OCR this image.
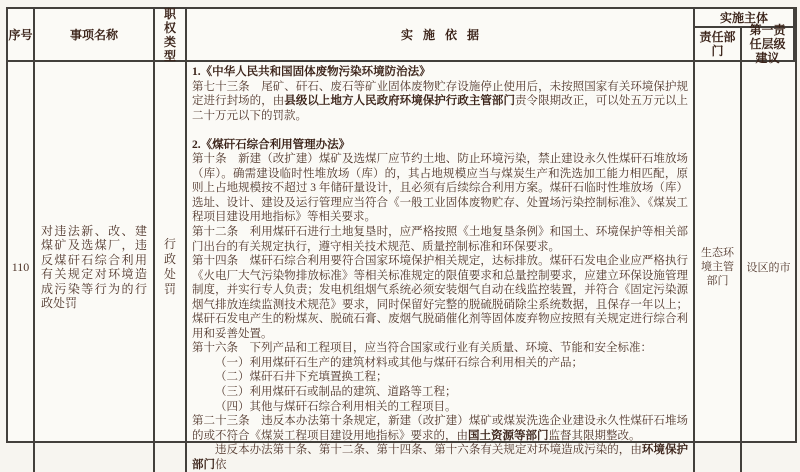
序号	事项名称
职权类型
实施依据
实施主体
责任部门
第一责任层级建议
110
对违法新、改、建煤矿及选煤厂，违反煤矸石综合利用有关规定对环境造成污染等行为的行政处罚
行政处罚
1.《中华人民共和国固体废物污染环境防治法》
第七十三条　尾矿、矸石、废石等矿业固体废物贮存设施停止使用后，未按照国家有关环境保护规定进行封场的，由县级以上地方人民政府环境保护行政主管部门责令限期改正，可以处五万元以上二十万元以下的罚款。
2.《煤矸石综合利用管理办法》
第十条　新建（改扩建）煤矿及选煤厂应节约土地、防止环境污染，禁止建设永久性煤矸石堆放场（库）。确需建设临时性堆放场（库）的，其占地规模应当与煤炭生产和洗选加工能力相匹配，原则上占地规模按不超过 3 年储矸量设计，且必须有后续综合利用方案。煤矸石临时性堆放场（库）选址、设计、建设及运行管理应当符合《一般工业固体废物贮存、处置场污染控制标准》、《煤炭工程项目建设用地指标》等相关要求。
第十二条　利用煤矸石进行土地复垦时，应严格按照《土地复垦条例》和国土、环境保护等相关部门出台的有关规定执行，遵守相关技术规范、质量控制标准和环保要求。
第十四条　煤矸石综合利用要符合国家环境保护相关规定，达标排放。煤矸石发电企业应严格执行《火电厂大气污染物排放标准》等相关标准规定的限值要求和总量控制要求，应建立环保设施管理制度，并实行专人负责；发电机组烟气系统必须安装烟气自动在线监控装置，并符合《固定污染源烟气排放连续监测技术规范》要求，同时保留好完整的脱硫脱硝除尘系统数据，且保存一年以上；煤矸石发电产生的粉煤灰、脱硫石膏、废烟气脱硝催化剂等固体废弃物应按照有关规定进行综合利用和妥善处置。
第十六条　下列产品和工程项目，应当符合国家或行业有关质量、环境、节能和安全标准：
（一）利用煤矸石生产的建筑材料或其他与煤矸石综合利用相关的产品；
（二）煤矸石井下充填置换工程；
（三）利用煤矸石或制品的建筑、道路等工程；
（四）其他与煤矸石综合利用相关的工程项目。
第二十三条　违反本办法第十条规定，新建（改扩建）煤矿或煤炭洗选企业建设永久性煤矸石堆场的或不符合《煤炭工程项目建设用地指标》要求的，由国土资源等部门监督其限期整改。
违反本办法第十条、第十二条、第十四条、第十六条有关规定对环境造成污染的，由环境保护部门依
生态环境主管部门
设区的市
